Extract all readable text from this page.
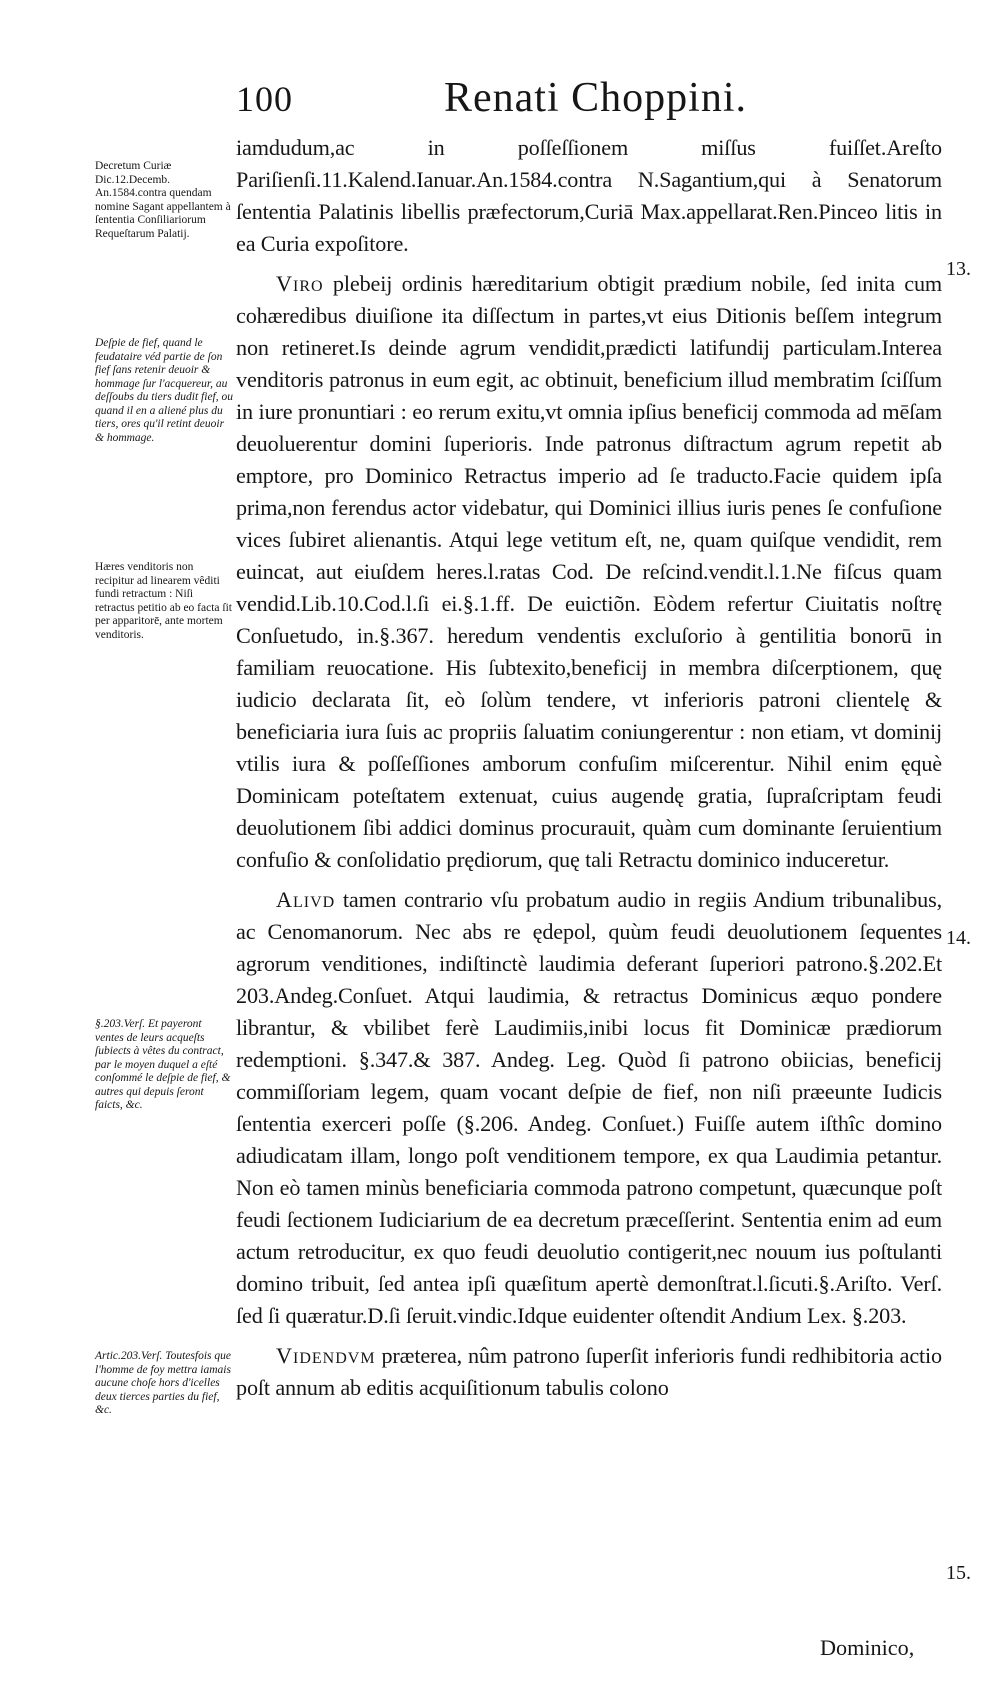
100	Renati Choppini.
Decretum Curiæ Dic.12.Decemb. An.1584.contra quendam nomine Sagant appellantem à ſententia Conſiliariorum Requeſtarum Palatij.
Deſpie de fief, quand le feudataire véd partie de ſon fief ſans retenir deuoir & hommage ſur l'acquereur, au deſſoubs du tiers dudit fief, ou quand il en a aliené plus du tiers, ores qu'il retint deuoir & hommage.
Hæres venditoris non recipitur ad linearem vêditi fundi retractum : Niſi retractus petitio ab eo facta ſit per apparitorē, ante mortem venditoris.
§.203.Verſ. Et payeront ventes de leurs acqueſts ſubiects à vêtes du contract, par le moyen duquel a eſté conſommé le deſpie de fief, & autres qui depuis ſeront faicts, &c.
Artic.203.Verſ. Toutesfois que l'homme de foy mettra iamais aucune choſe hors d'icelles deux tierces parties du fief, &c.
13.
14.
15.

iamdudum,ac in poſſeſſionem miſſus fuiſſet.Areſto Pariſienſi.11.Kalend.Ianuar.An.1584.contra N.Sagantium,qui à Senatorum ſententia Palatinis libellis præfectorum,Curiā Max.appellarat.Ren.Pinceo litis in ea Curia expoſitore.

Viro plebeij ordinis hæreditarium obtigit prædium nobile, ſed inita cum cohæredibus diuiſione ita diſſectum in partes,vt eius Ditionis beſſem integrum non retineret.Is deinde agrum vendidit,prædicti latifundij particulam.Interea venditoris patronus in eum egit, ac obtinuit, beneficium illud membratim ſciſſum in iure pronuntiari : eo rerum exitu,vt omnia ipſius beneficij commoda ad mēſam deuoluerentur domini ſuperioris. Inde patronus diſtractum agrum repetit ab emptore, pro Dominico Retractus imperio ad ſe traducto.Facie quidem ipſa prima,non ferendus actor videbatur, qui Dominici illius iuris penes ſe confuſione vices ſubiret alienantis. Atqui lege vetitum eſt, ne, quam quiſque vendidit, rem euincat, aut eiuſdem heres.l.ratas Cod. De reſcind.vendit.l.1.Ne fiſcus quam vendid.Lib.10.Cod.l.ſi ei.§.1.ff. De euictiõn. Eòdem refertur Ciuitatis noſtrę Conſuetudo, in.§.367. heredum vendentis excluſorio à gentilitia bonorū in familiam reuocatione. His ſubtexito,beneficij in membra diſcerptionem, quę iudicio declarata ſit, eò ſolùm tendere, vt inferioris patroni clientelę & beneficiaria iura ſuis ac propriis ſaluatim coniungerentur : non etiam, vt dominij vtilis iura & poſſeſſiones amborum confuſim miſcerentur. Nihil enim ęquè Dominicam poteſtatem extenuat, cuius augendę gratia, ſupraſcriptam feudi deuolutionem ſibi addici dominus procurauit, quàm cum dominante ſeruientium confuſio & conſolidatio prędiorum, quę tali Retractu dominico induceretur.

Alivd tamen contrario vſu probatum audio in regiis Andium tribunalibus, ac Cenomanorum. Nec abs re ędepol, quùm feudi deuolutionem ſequentes agrorum venditiones, indiſtinctè laudimia deferant ſuperiori patrono.§.202.Et 203.Andeg.Conſuet. Atqui laudimia, & retractus Dominicus æquo pondere librantur, & vbilibet ferè Laudimiis,inibi locus fit Dominicæ prædiorum redemptioni. §.347.& 387. Andeg. Leg. Quòd ſi patrono obiicias, beneficij commiſſoriam legem, quam vocant deſpie de fief, non niſi præeunte Iudicis ſententia exerceri poſſe (§.206. Andeg. Conſuet.) Fuiſſe autem iſthîc domino adiudicatam illam, longo poſt venditionem tempore, ex qua Laudimia petantur. Non eò tamen minùs beneficiaria commoda patrono competunt, quæcunque poſt feudi ſectionem Iudiciarium de ea decretum præceſſerint. Sententia enim ad eum actum retroducitur, ex quo feudi deuolutio contigerit,nec nouum ius poſtulanti domino tribuit, ſed antea ipſi quæſitum apertè demonſtrat.l.ſicuti.§.Ariſto. Verſ. ſed ſi quæratur.D.ſi ſeruit.vindic.Idque euidenter oſtendit Andium Lex. §.203.

Videndvm præterea, nûm patrono ſuperſit inferioris fundi redhibitoria actio poſt annum ab editis acquiſitionum tabulis colono

Dominico,
